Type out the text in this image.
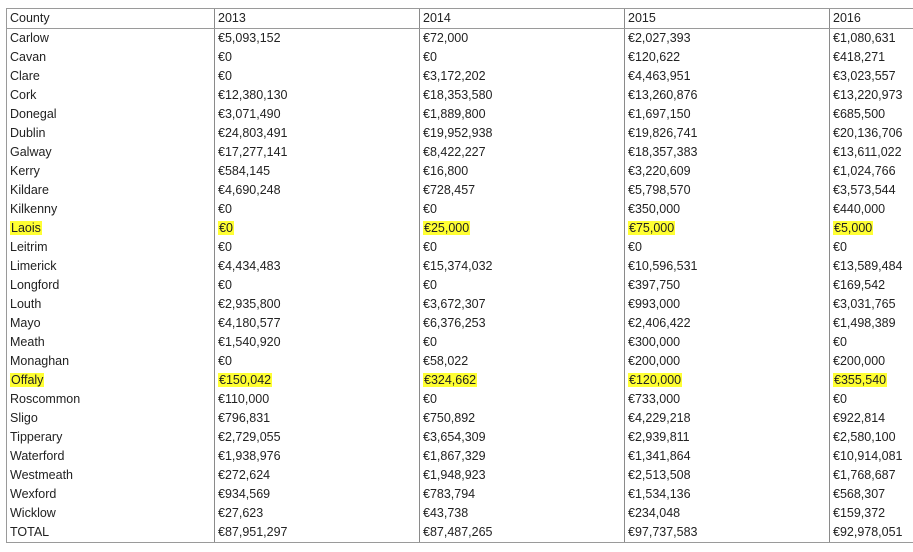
County	2013	2014	2015	2016
Carlow	€5,093,152	€72,000	€2,027,393	€1,080,631
Cavan	€0	€0	€120,622	€418,271
Clare	€0	€3,172,202	€4,463,951	€3,023,557
Cork	€12,380,130	€18,353,580	€13,260,876	€13,220,973
Donegal	€3,071,490	€1,889,800	€1,697,150	€685,500
Dublin	€24,803,491	€19,952,938	€19,826,741	€20,136,706
Galway	€17,277,141	€8,422,227	€18,357,383	€13,611,022
Kerry	€584,145	€16,800	€3,220,609	€1,024,766
Kildare	€4,690,248	€728,457	€5,798,570	€3,573,544
Kilkenny	€0	€0	€350,000	€440,000
Laois	€0	€25,000	€75,000	€5,000
Leitrim	€0	€0	€0	€0
Limerick	€4,434,483	€15,374,032	€10,596,531	€13,589,484
Longford	€0	€0	€397,750	€169,542
Louth	€2,935,800	€3,672,307	€993,000	€3,031,765
Mayo	€4,180,577	€6,376,253	€2,406,422	€1,498,389
Meath	€1,540,920	€0	€300,000	€0
Monaghan	€0	€58,022	€200,000	€200,000
Offaly	€150,042	€324,662	€120,000	€355,540
Roscommon	€110,000	€0	€733,000	€0
Sligo	€796,831	€750,892	€4,229,218	€922,814
Tipperary	€2,729,055	€3,654,309	€2,939,811	€2,580,100
Waterford	€1,938,976	€1,867,329	€1,341,864	€10,914,081
Westmeath	€272,624	€1,948,923	€2,513,508	€1,768,687
Wexford	€934,569	€783,794	€1,534,136	€568,307
Wicklow	€27,623	€43,738	€234,048	€159,372
TOTAL	€87,951,297	€87,487,265	€97,737,583	€92,978,051
